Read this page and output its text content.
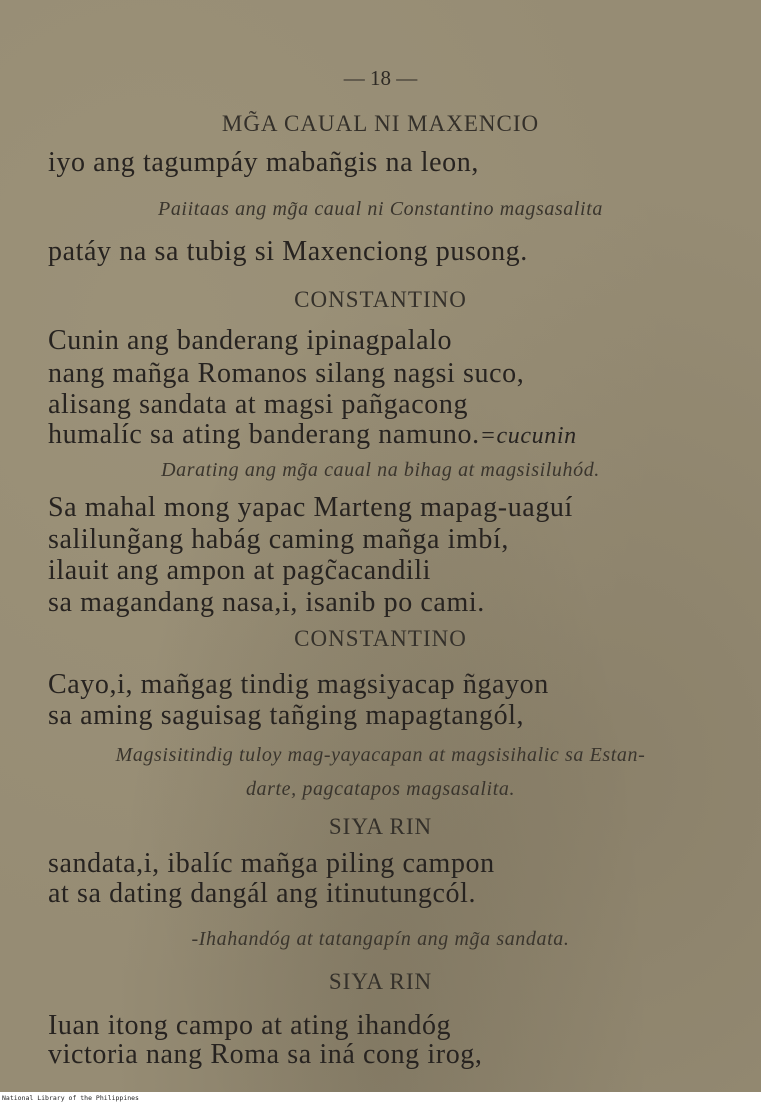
— 18 —
MG̃A CAUAL NI MAXENCIO
iyo ang tagumpáy mabañgis na leon,
Paiitaas ang mg̃a caual ni Constantino magsasalita
patáy na sa tubig si Maxenciong pusong.
CONSTANTINO
Cunin ang banderang ipinagpalalo
nang mañga Romanos silang nagsi suco,
alisang sandata at magsi pañgacong
humalíc sa ating banderang namuno.=cucunin
Darating ang mg̃a caual na bihag at magsisiluhód.
Sa mahal mong yapac Marteng mapag-uaguí
salilung̃ang habág caming mañga imbí,
ilauit ang ampon at pagc̃acandili
sa magandang nasa,i, isanib po cami.
CONSTANTINO
Cayo,i, mañgag tindig magsiyacap ñgayon
sa aming saguisag tañging mapagtangól,
Magsisitindig tuloy mag-yayacapan at magsisihalic sa Estan-
darte, pagcatapos magsasalita.
SIYA RIN
sandata,i, ibalíc mañga piling campon
at sa dating dangál ang itinutungcól.
-Ihahandóg at tatangapín ang mg̃a sandata.
SIYA RIN
Iuan itong campo at ating ihandóg
victoria nang Roma sa iná cong irog,
National Library of the Philippines
